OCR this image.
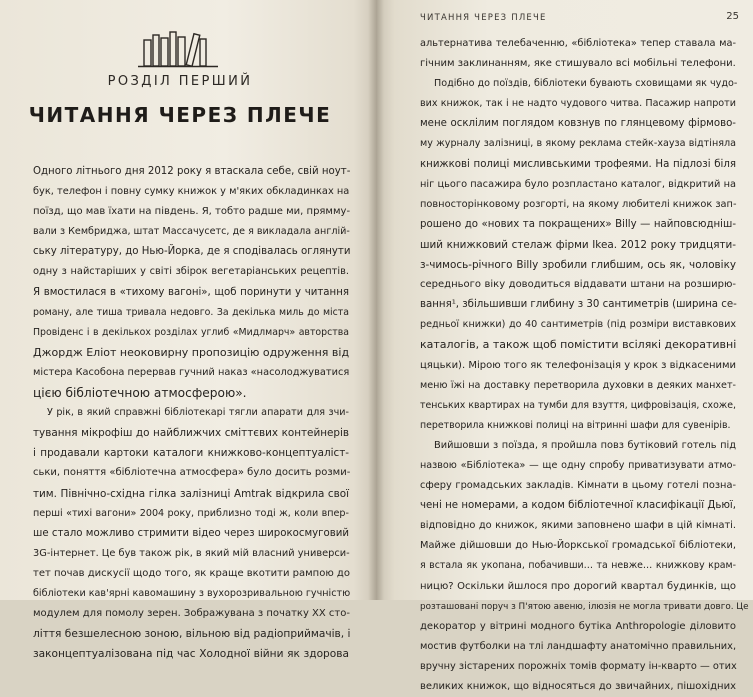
РОЗДІЛ ПЕРШИЙ
ЧИТАННЯ ЧЕРЕЗ ПЛЕЧЕ
Одного літнього дня 2012 року я втаскала себе, свій ноут-
бук, телефон і повну сумку книжок у м'яких обкладинках на
поїзд, що мав їхати на південь. Я, тобто радше ми, прямму-
вали з Кембриджа, штат Массачусетс, де я викладала англій-
ську літературу, до Нью-Йорка, де я сподівалась оглянути
одну з найстаріших у світі збірок вегетаріанських рецептів.
Я вмостилася в «тихому вагоні», щоб поринути у читання
роману, але тиша тривала недовго. За декілька миль до міста
Провіденс і в декількох розділах углиб «Мидлмарч» авторства
Джордж Еліот неоковирну пропозицію одруження від
містера Касобона перервав гучний наказ «насолоджуватися
цією бібліотечною атмосферою».
У рік, в який справжні бібліотекарі тягли апарати для зчи-
тування мікрофіш до найближчих сміттєвих контейнерів
і продавали картоки каталоги книжково-концептуаліст-
ськи, поняття «бібліотечна атмосфера» було досить розми-
тим. Північно-східна гілка залізниці Amtrak відкрила свої
перші «тихі вагони» 2004 року, приблизно тоді ж, коли впер-
ше стало можливо стримити відео через широкосмуговий
3G-інтернет. Це був також рік, в який мій власний универси-
тет почав дискусії щодо того, як краще вкотити рампою до
бібліотеки кав'ярні кавомашину з вухорозривальною гучністю
модулем для помолу зерен. Зображувана з початку ХХ сто-
ліття безшелесною зоною, вільною від радіоприймачів, і
законцептуалізована під час Холодної війни як здорова
ЧИТАННЯ ЧЕРЕЗ ПЛЕЧЕ	25
альтернатива телебаченню, «бібліотека» тепер ставала ма-
гічним заклинанням, яке стишувало всі мобільні телефони.
Подібно до поїздів, бібліотеки бувають сховищами як чудо-
вих книжок, так і не надто чудового читва. Пасажир напроти
мене осклілим поглядом ковзнув по глянцевому фірмово-
му журналу залізниці, в якому реклама стейк-хауза відтіняла
книжкові полиці мисливськими трофеями. На підлозі біля
ніг цього пасажира було розпластано каталог, відкритий на
повносторінковому розгорті, на якому любителі книжок зап-
рошено до «нових та покращених» Billy — найповсюдніш-
ший книжковий стелаж фірми Ikea. 2012 року тридцяти-
з-чимось-річного Billy зробили глибшим, ось як, чоловіку
середнього віку доводиться віддавати штани на розширю-
вання¹, збільшивши глибину з 30 сантиметрів (ширина се-
редньої книжки) до 40 сантиметрів (під розміри виставкових
каталогів, а також щоб помістити всілякі декоративні
цяцьки). Мірою того як телефонізація у крок з відкасеними
меню їжі на доставку перетворила духовки в деяких манхет-
тенських квартирах на тумби для взуття, цифровізація, схоже,
перетворила книжкові полиці на вітринні шафи для сувенірів.
Вийшовши з поїзда, я пройшла повз бутіковий готель під
назвою «Бібліотека» — ще одну спробу приватизувати атмо-
сферу громадських закладів. Кімнати в цьому готелі позна-
чені не номерами, а кодом бібліотечної класифікації Дьюї,
відповідно до книжок, якими заповнено шафи в цій кімнаті.
Майже дійшовши до Нью-Йоркської громадської бібліотеки,
я встала як укопана, побачивши… та невже… книжкову крам-
ницю? Оскільки йшлося про дорогий квартал будинків, що
розташовані поруч з П'ятою авеню, ілюзія не могла тривати довго. Це
декоратор у вітрині модного бутіка Anthropologie діловито
мостив футболки на тлі ландшафту анатомічно правильних,
вручну зістарених порожніх томів формату ін-кварто — отих
великих книжок, що відносяться до звичайних, пішохідних
